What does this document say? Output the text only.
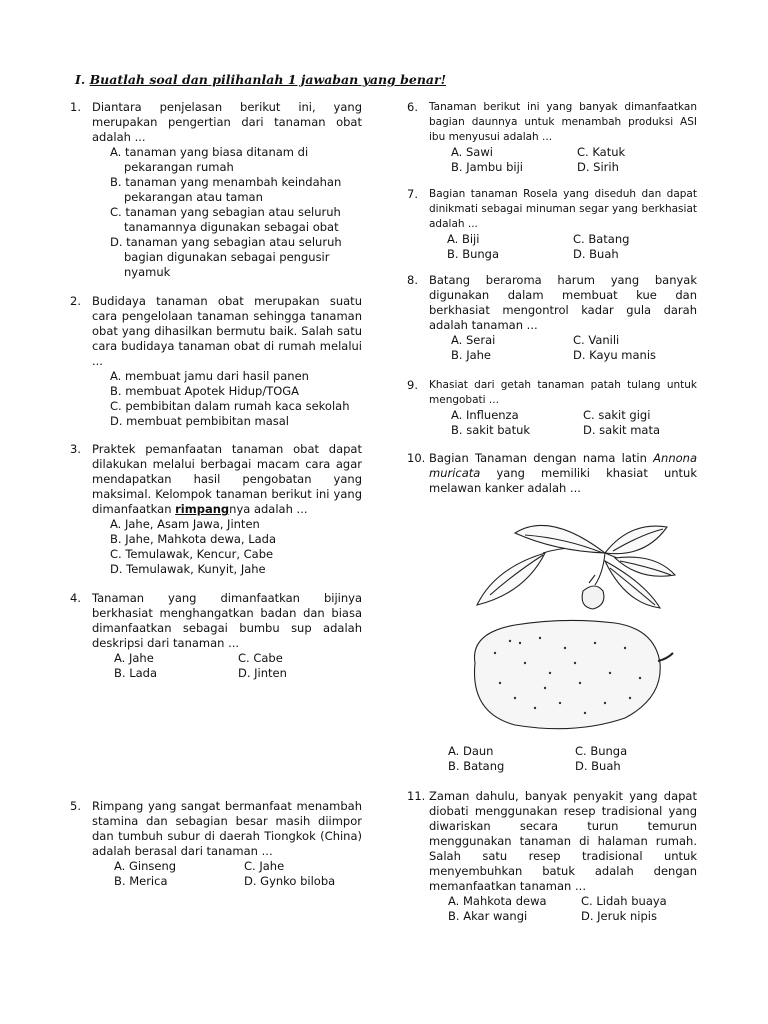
I. Buatlah soal dan pilihanlah 1 jawaban yang benar!
1. Diantara penjelasan berikut ini, yang merupakan pengertian dari tanaman obat adalah ...
A. tanaman yang biasa ditanam di pekarangan rumah
B. tanaman yang menambah keindahan pekarangan atau taman
C. tanaman yang sebagian atau seluruh tanamannya digunakan sebagai obat
D. tanaman yang sebagian atau seluruh bagian digunakan sebagai pengusir nyamuk
2. Budidaya tanaman obat merupakan suatu cara pengelolaan tanaman sehingga tanaman obat yang dihasilkan bermutu baik. Salah satu cara budidaya tanaman obat di rumah melalui ...
A. membuat jamu dari hasil panen
B. membuat Apotek Hidup/TOGA
C. pembibitan dalam rumah kaca sekolah
D. membuat pembibitan masal
3. Praktek pemanfaatan tanaman obat dapat dilakukan melalui berbagai macam cara agar mendapatkan hasil pengobatan yang maksimal. Kelompok tanaman berikut ini yang dimanfaatkan rimpangnya adalah ...
A. Jahe, Asam Jawa, Jinten
B. Jahe, Mahkota dewa, Lada
C. Temulawak, Kencur, Cabe
D. Temulawak, Kunyit, Jahe
4. Tanaman yang dimanfaatkan bijinya berkhasiat menghangatkan badan dan biasa dimanfaatkan sebagai bumbu sup adalah deskripsi dari tanaman ...
A. Jahe	C. Cabe
B. Lada	D. Jinten
5. Rimpang yang sangat bermanfaat menambah stamina dan sebagian besar masih diimpor dan tumbuh subur di daerah Tiongkok (China) adalah berasal dari tanaman ...
A. Ginseng	C. Jahe
B. Merica	D. Gynko biloba
6. Tanaman berikut ini yang banyak dimanfaatkan bagian daunnya untuk menambah produksi ASI ibu menyusui adalah ...
A. Sawi	C. Katuk
B. Jambu biji	D. Sirih
7. Bagian tanaman Rosela yang diseduh dan dapat dinikmati sebagai minuman segar yang berkhasiat adalah ...
A. Biji	C. Batang
B. Bunga	D. Buah
8. Batang beraroma harum yang banyak digunakan dalam membuat kue dan berkhasiat mengontrol kadar gula darah adalah tanaman ...
A. Serai	C. Vanili
B. Jahe	D. Kayu manis
9. Khasiat dari getah tanaman patah tulang untuk mengobati ...
A. Influenza	C. sakit gigi
B. sakit batuk	D. sakit mata
10. Bagian Tanaman dengan nama latin Annona muricata yang memiliki khasiat untuk melawan kanker adalah ...
A. Daun	C. Bunga
B. Batang	D. Buah
11. Zaman dahulu, banyak penyakit yang dapat diobati menggunakan resep tradisional yang diwariskan secara turun temurun menggunakan tanaman di halaman rumah. Salah satu resep tradisional untuk menyembuhkan batuk adalah dengan memanfaatkan tanaman ...
A. Mahkota dewa	C. Lidah buaya
B. Akar wangi	D. Jeruk nipis
